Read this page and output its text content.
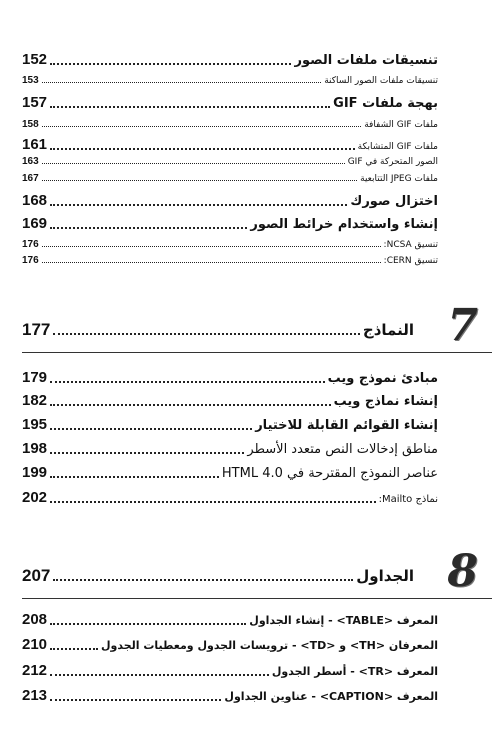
152	تنسيقات ملفات الصور
153	تنسيقات ملفات الصور الساكنة
157	بهجة ملفات GIF
158	ملفات GIF الشفافة
161	ملفات GIF المتشابكة
163	الصور المتحركة في GIF
167	ملفات JPEG التتابعية
168	اختزال صورك
169	إنشاء واستخدام خرائط الصور
176	تنسيق NCSA:
176	تنسيق CERN:
7
177	النماذج
179	مبادئ نموذج ويب
182	إنشاء نماذج ويب
195	إنشاء القوائم القابلة للاختيار
198	مناطق إدخالات النص متعدد الأسطر
199	عناصر النموذج المقترحة في HTML 4.0
202	نماذج Mailto:
8
207	الجداول
208	المعرف <TABLE> - إنشاء الجداول
210	المعرفان <TH> و <TD> - ترويسات الجدول ومعطيات الجدول
212	المعرف <TR> - أسطر الجدول
213	المعرف <CAPTION> - عناوين الجداول
